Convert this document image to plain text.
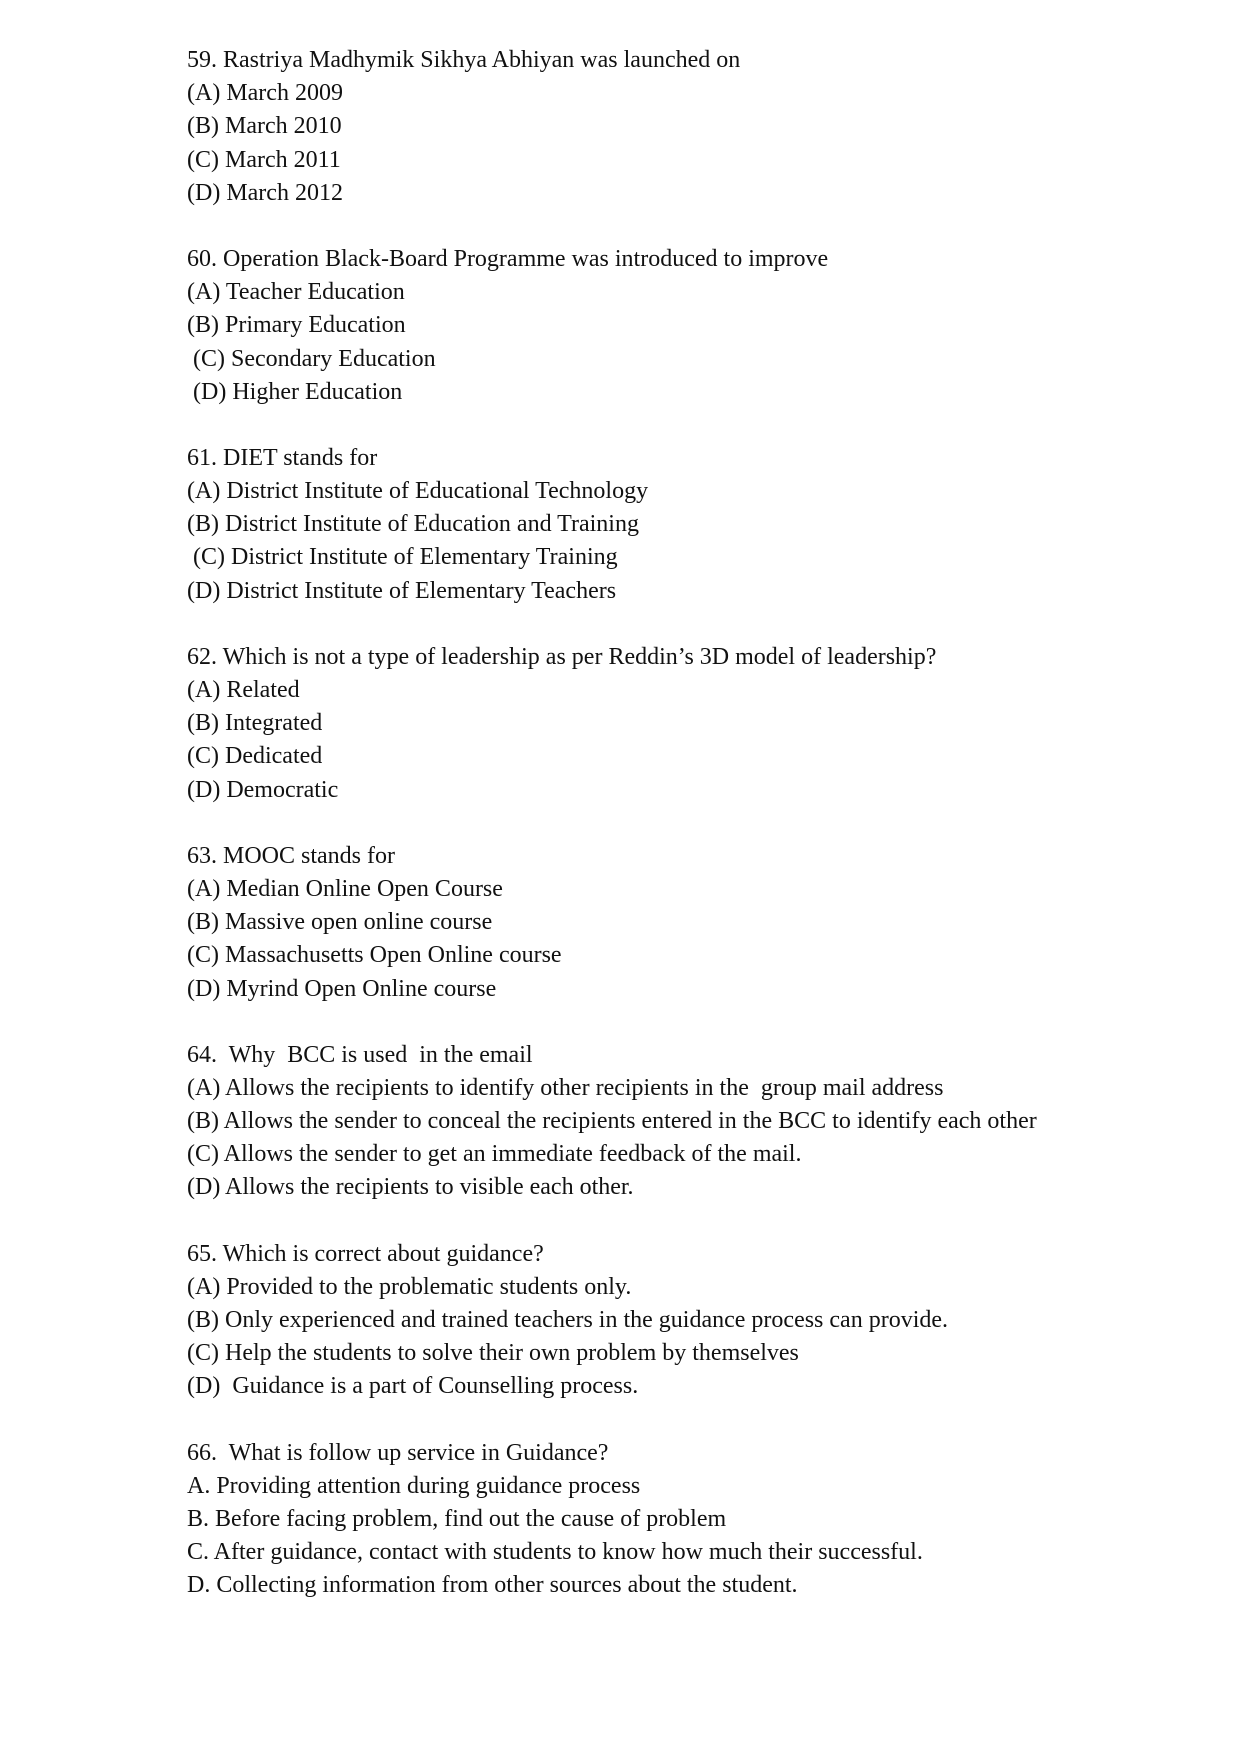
59. Rastriya Madhymik Sikhya Abhiyan was launched on
(A) March 2009
(B) March 2010
(C) March 2011
(D) March 2012
60. Operation Black-Board Programme was introduced to improve
(A) Teacher Education
(B) Primary Education
(C) Secondary Education
(D) Higher Education
61. DIET stands for
(A) District Institute of Educational Technology
(B) District Institute of Education and Training
(C) District Institute of Elementary Training
(D) District Institute of Elementary Teachers
62. Which is not a type of leadership as per Reddin’s 3D model of leadership?
(A) Related
(B) Integrated
(C) Dedicated
(D) Democratic
63. MOOC stands for
(A) Median Online Open Course
(B) Massive open online course
(C) Massachusetts Open Online course
(D) Myrind Open Online course
64.  Why  BCC is used  in the email
(A) Allows the recipients to identify other recipients in the  group mail address
(B) Allows the sender to conceal the recipients entered in the BCC to identify each other
(C) Allows the sender to get an immediate feedback of the mail.
(D) Allows the recipients to visible each other.
65. Which is correct about guidance?
(A) Provided to the problematic students only.
(B) Only experienced and trained teachers in the guidance process can provide.
(C) Help the students to solve their own problem by themselves
(D)  Guidance is a part of Counselling process.
66.  What is follow up service in Guidance?
A. Providing attention during guidance process
B. Before facing problem, find out the cause of problem
C. After guidance, contact with students to know how much their successful.
D. Collecting information from other sources about the student.
